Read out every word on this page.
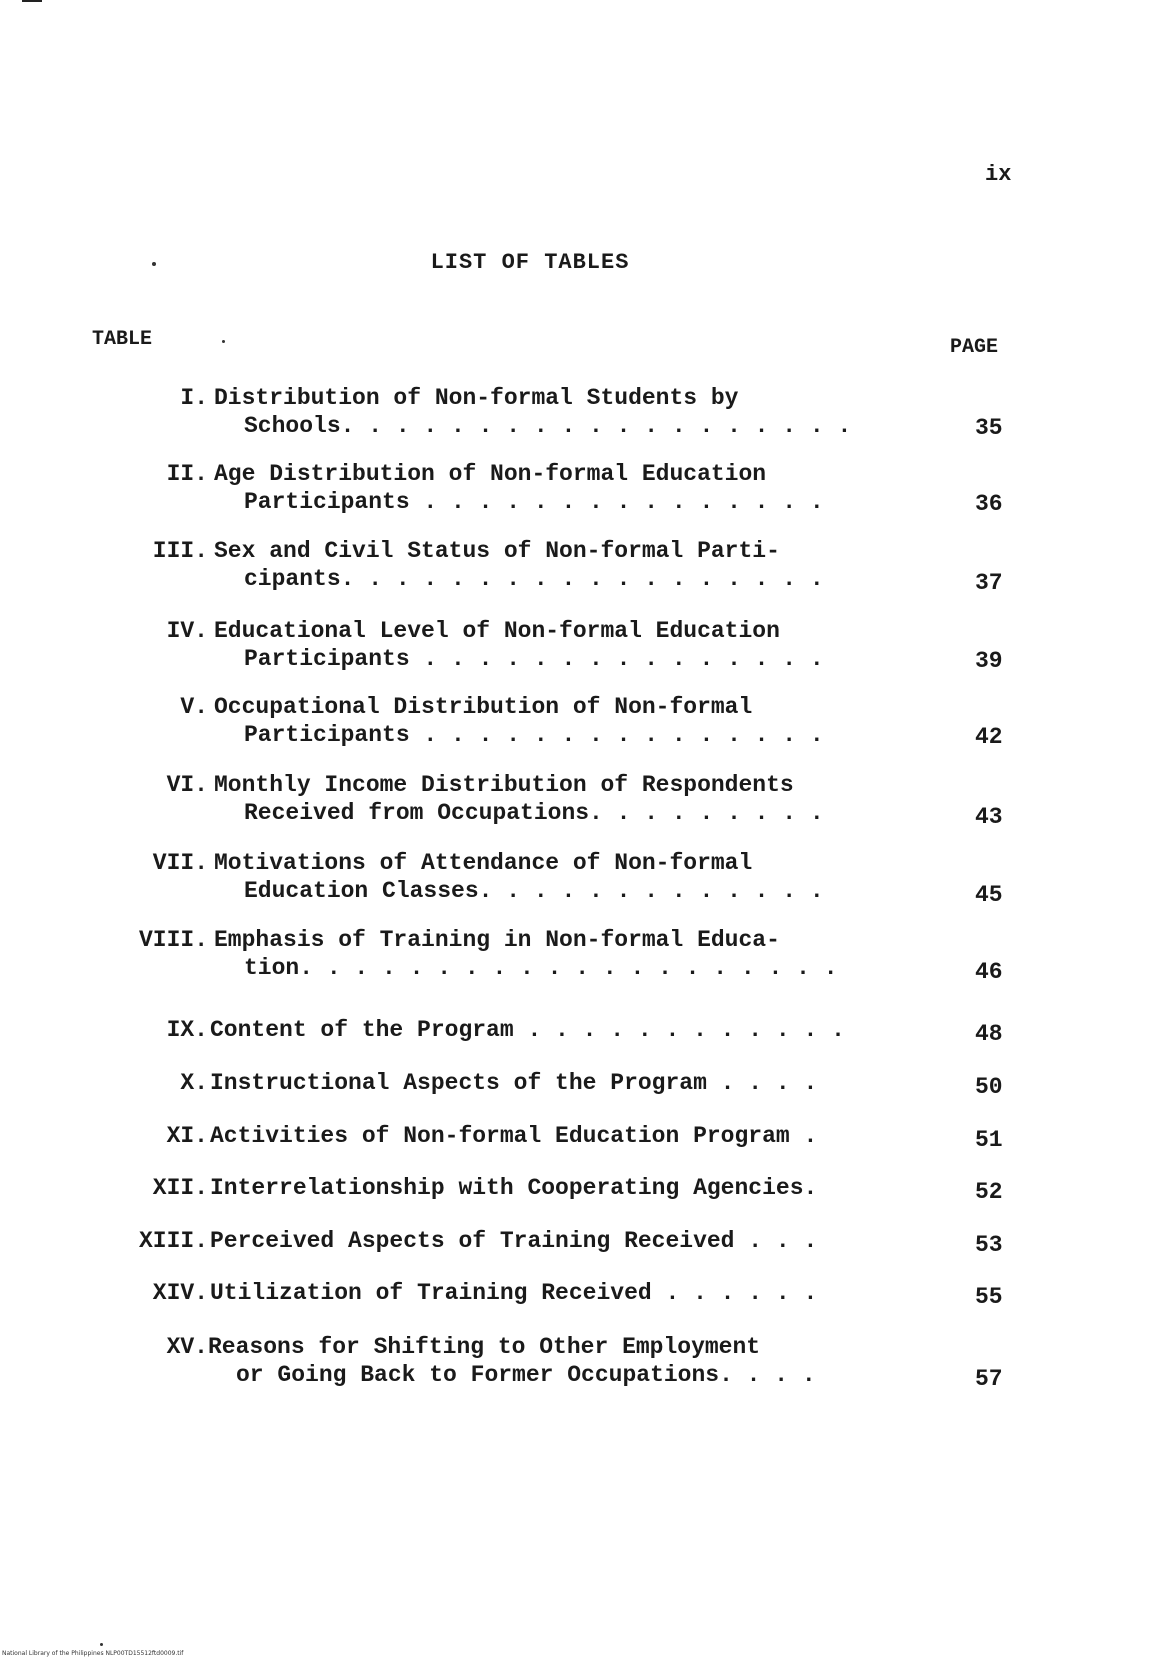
ix
LIST OF TABLES
TABLE	PAGE
I. Distribution of Non-formal Students by
Schools. . . . . . . . . . . . . . . . . . .	35
II. Age Distribution of Non-formal Education
Participants . . . . . . . . . . . . . . .	36
III. Sex and Civil Status of Non-formal Parti-
cipants. . . . . . . . . . . . . . . . . .	37
IV. Educational Level of Non-formal Education
Participants . . . . . . . . . . . . . . .	39
V. Occupational Distribution of Non-formal
Participants . . . . . . . . . . . . . . .	42
VI. Monthly Income Distribution of Respondents
Received from Occupations. . . . . . . . .	43
VII. Motivations of Attendance of Non-formal
Education Classes. . . . . . . . . . . . .	45
VIII. Emphasis of Training in Non-formal Educa-
tion. . . . . . . . . . . . . . . . . . . .	46
IX. Content of the Program . . . . . . . . . . . .	48
X. Instructional Aspects of the Program . . . .	50
XI. Activities of Non-formal Education Program .	51
XII. Interrelationship with Cooperating Agencies.	52
XIII. Perceived Aspects of Training Received . . .	53
XIV. Utilization of Training Received . . . . . .	55
XV. Reasons for Shifting to Other Employment
or Going Back to Former Occupations. . . .	57
National Library of the Philippines NLP00TD15512ftd0009.tif
